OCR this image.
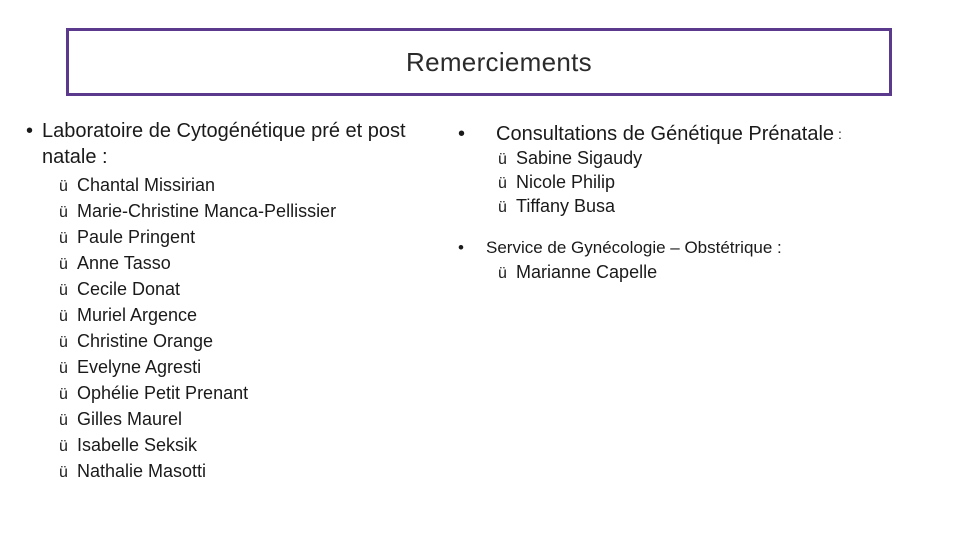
Remerciements
• Laboratoire de Cytogénétique pré et post natale :
ü Chantal Missirian
ü Marie-Christine Manca-Pellissier
ü Paule Pringent
ü Anne Tasso
ü Cecile Donat
ü Muriel Argence
ü Christine Orange
ü Evelyne Agresti
ü Ophélie Petit Prenant
ü Gilles Maurel
ü Isabelle Seksik
ü Nathalie Masotti
•	Consultations de Génétique Prénatale :
ü Sabine Sigaudy
ü Nicole Philip
ü Tiffany Busa
•	Service de Gynécologie – Obstétrique :
ü Marianne Capelle
